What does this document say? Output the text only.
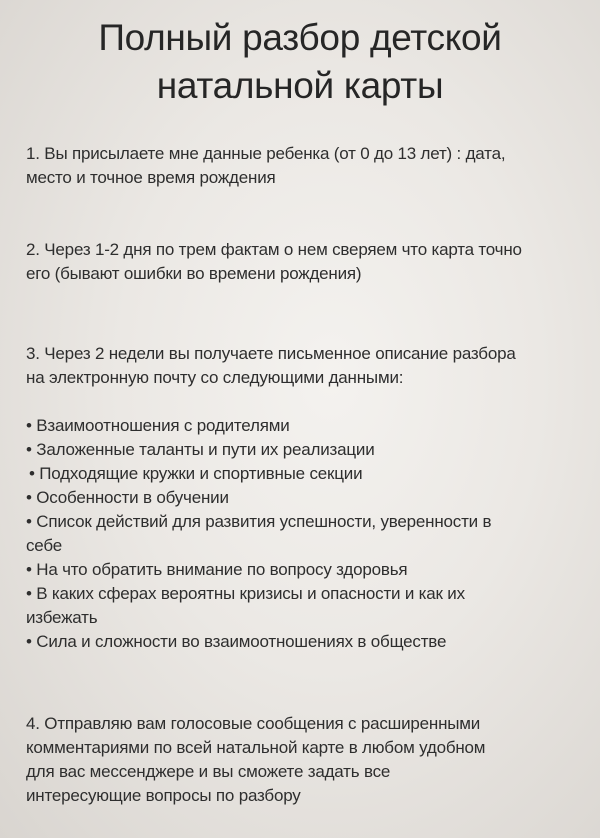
Полный разбор детской
натальной карты

1. Вы присылаете мне данные ребенка (от 0 до 13 лет) : дата,
место и точное время рождения

2. Через 1-2 дня по трем фактам о нем сверяем что карта точно
его (бывают ошибки во времени рождения)

3. Через 2 недели вы получаете письменное описание разбора
на электронную почту со следующими данными:

• Взаимоотношения с родителями
• Заложенные таланты и пути их реализации
• Подходящие кружки и спортивные секции
• Особенности в обучении
• Список действий для развития успешности, уверенности в
себе
• На что обратить внимание по вопросу здоровья
• В каких сферах вероятны кризисы и опасности и как их
избежать
• Сила и сложности во взаимоотношениях в обществе

4. Отправляю вам голосовые сообщения с расширенными
комментариями по всей натальной карте в любом удобном
для вас мессенджере и вы сможете задать все
интересующие вопросы по разбору
